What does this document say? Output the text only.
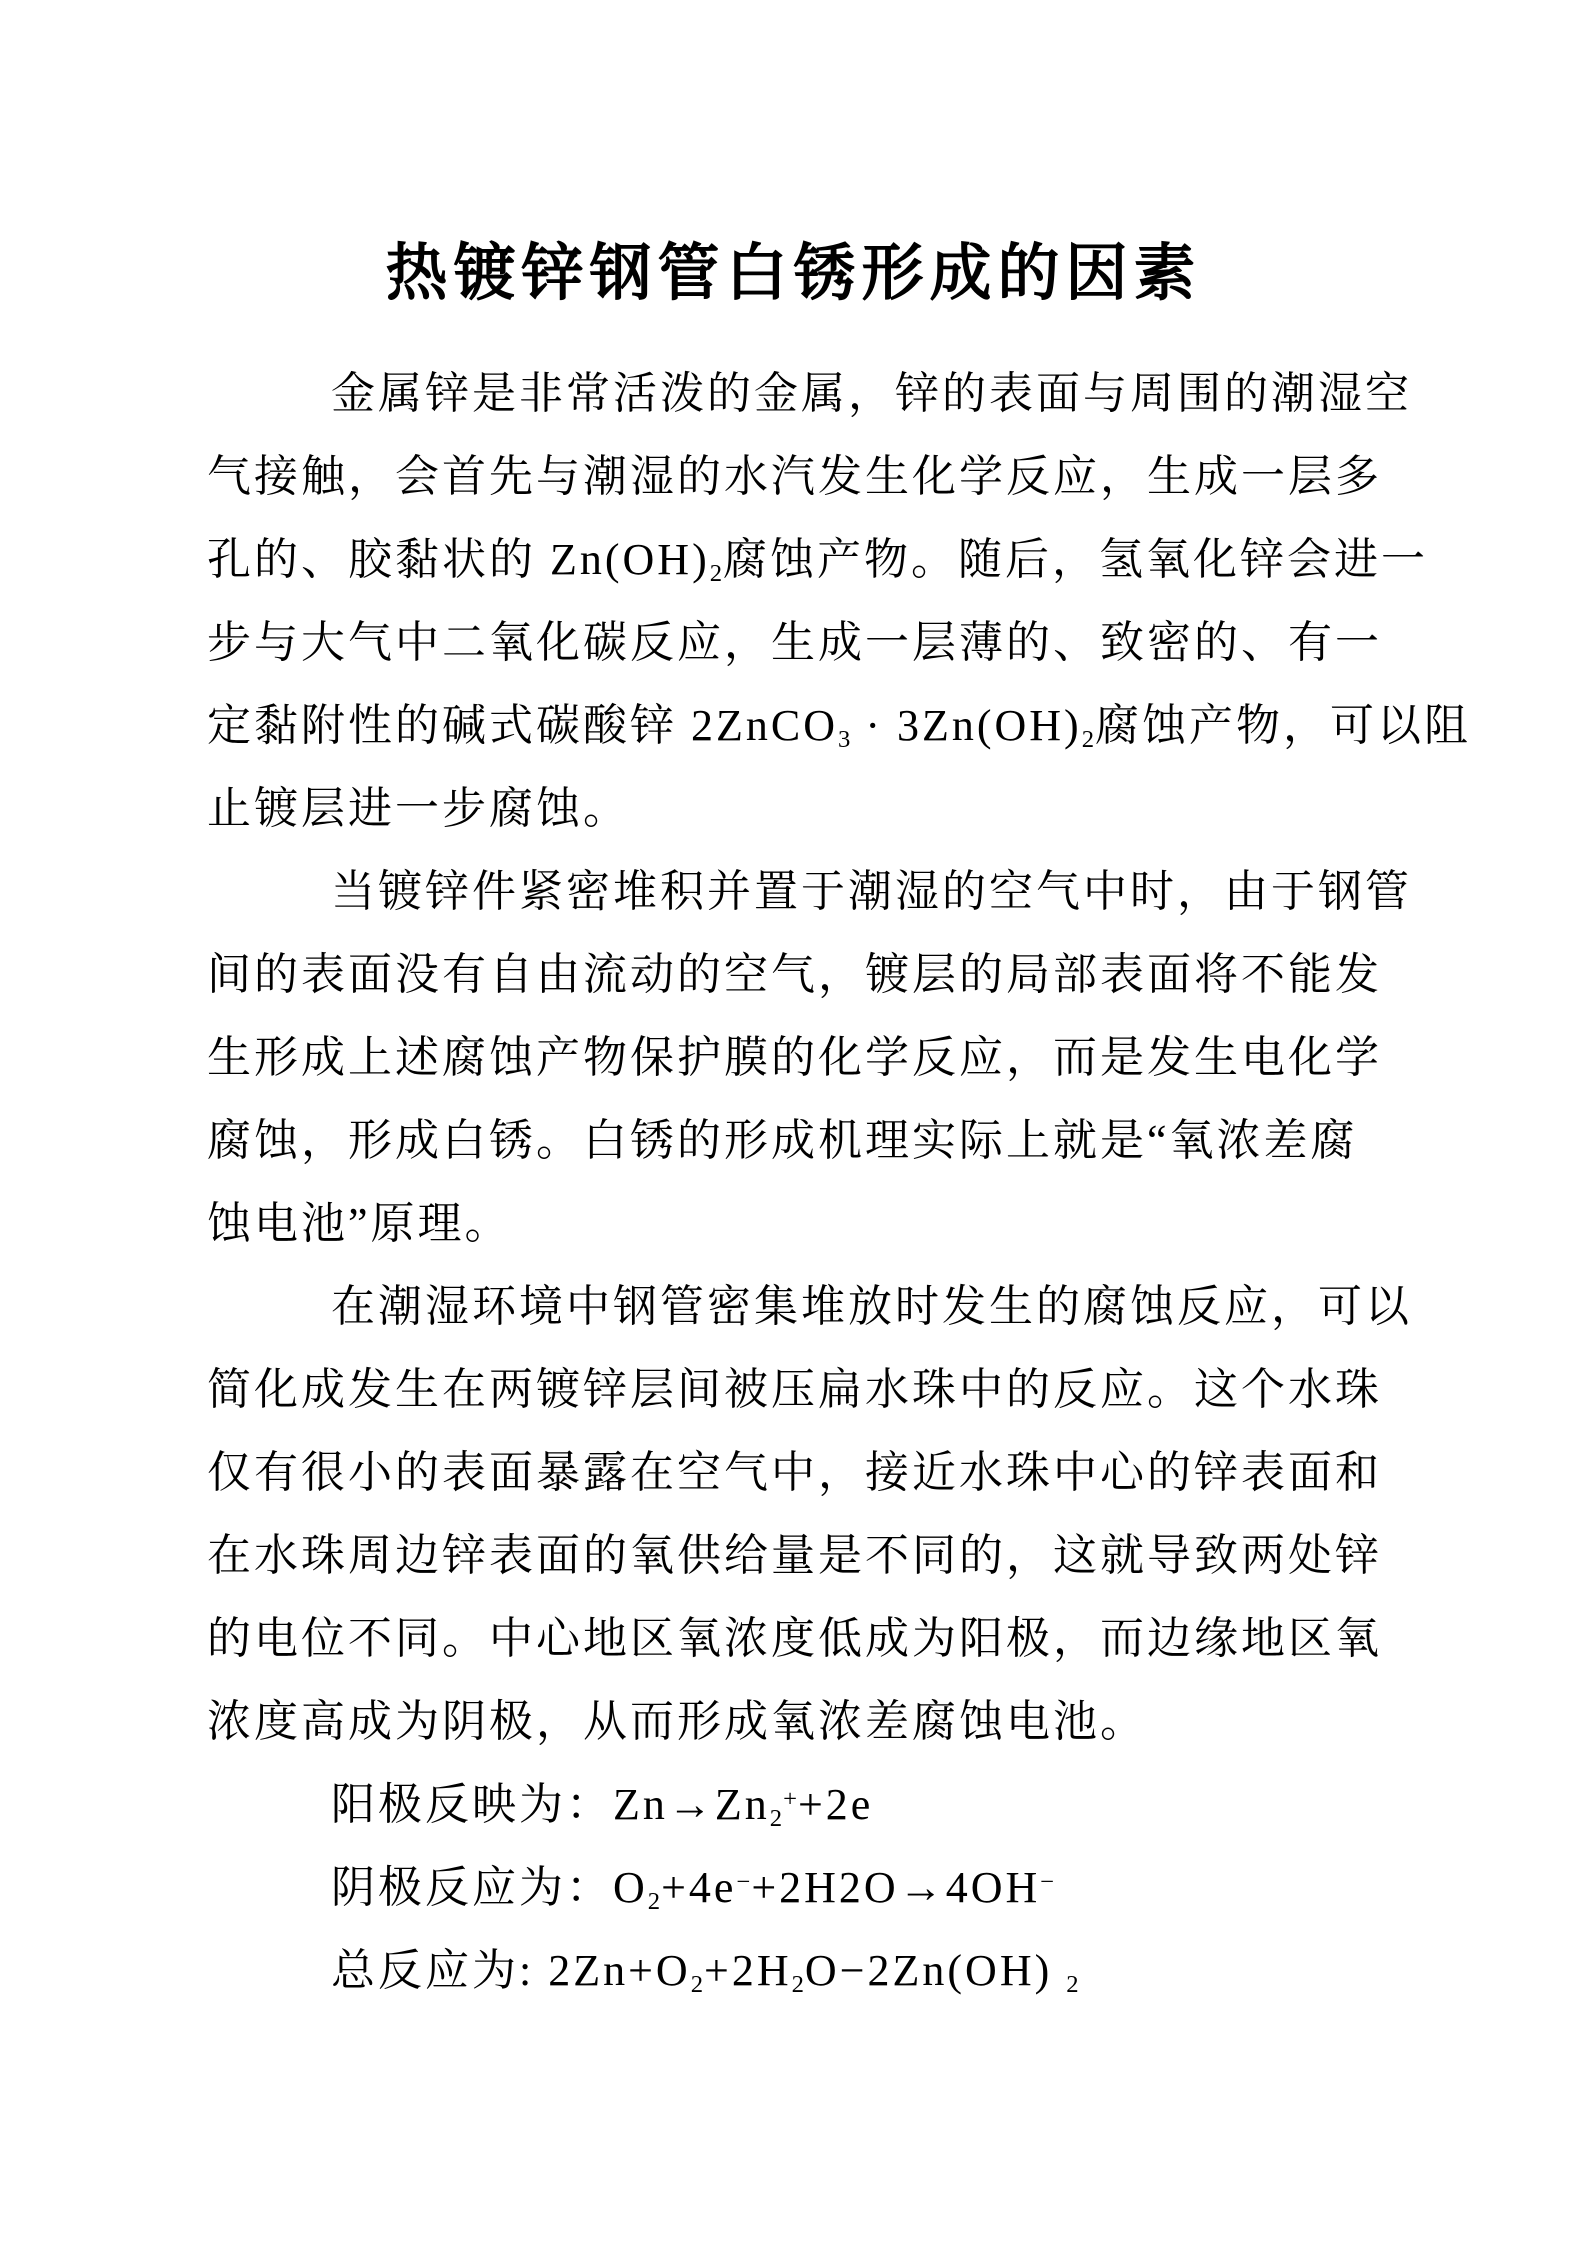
热镀锌钢管白锈形成的因素
金属锌是非常活泼的金属，锌的表面与周围的潮湿空
气接触，会首先与潮湿的水汽发生化学反应，生成一层多
孔的、胶黏状的 $Zn(OH)_2$腐蚀产物。随后，氢氧化锌会进一
步与大气中二氧化碳反应，生成一层薄的、致密的、有一
定黏附性的碱式碳酸锌 2ZnCO$_3$ · $3Zn(OH)_2$腐蚀产物，可以阻
止镀层进一步腐蚀。
当镀锌件紧密堆积并置于潮湿的空气中时，由于钢管
间的表面没有自由流动的空气，镀层的局部表面将不能发
生形成上述腐蚀产物保护膜的化学反应，而是发生电化学
腐蚀，形成白锈。白锈的形成机理实际上就是“氧浓差腐
蚀电池”原理。
在潮湿环境中钢管密集堆放时发生的腐蚀反应，可以
简化成发生在两镀锌层间被压扁水珠中的反应。这个水珠
仅有很小的表面暴露在空气中，接近水珠中心的锌表面和
在水珠周边锌表面的氧供给量是不同的，这就导致两处锌
的电位不同。中心地区氧浓度低成为阳极，而边缘地区氧
浓度高成为阴极，从而形成氧浓差腐蚀电池。
阳极反映为：$Zn\to Zn_2^++2e$
阴极反应为：$O_2+4e^-+2H2O\to 4OH^-$
总反应为: $2Zn+O_2+2H_2O-2Zn(OH)$ $_2$
